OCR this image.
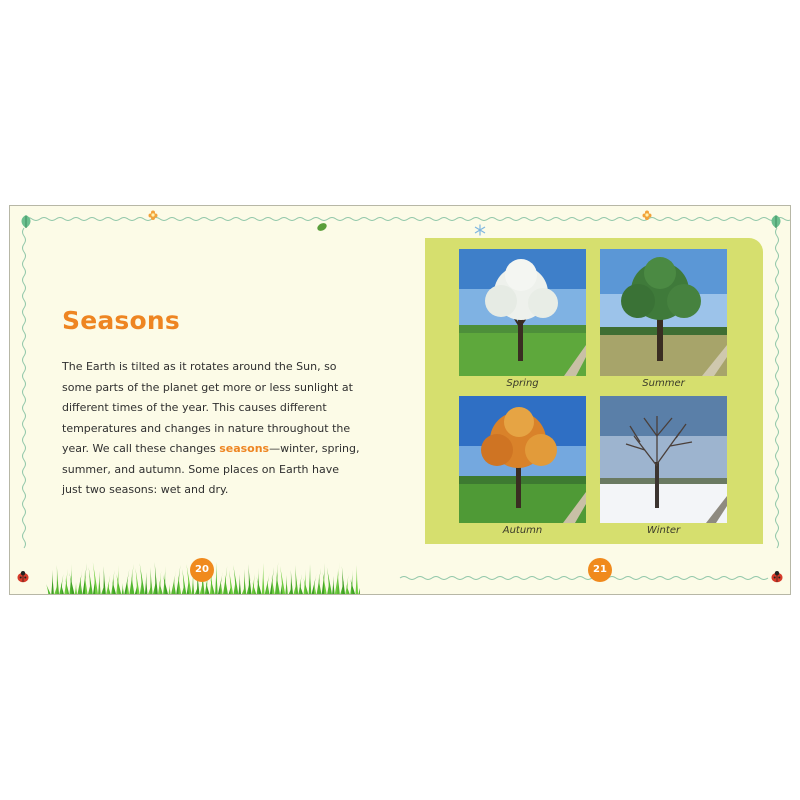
Seasons

The Earth is tilted as it rotates around the Sun, so some parts of the planet get more or less sunlight at different times of the year. This causes different temperatures and changes in nature throughout the year. We call these changes seasons—winter, spring, summer, and autumn. Some places on Earth have just two seasons: wet and dry.

Spring	Summer
Autumn	Winter
20	21
